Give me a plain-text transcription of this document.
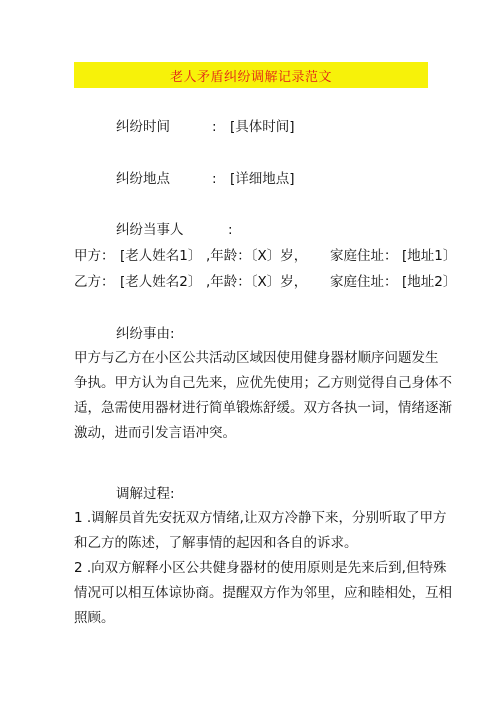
老人矛盾纠纷调解记录范文
纠纷时间	: [具体时间]
纠纷地点	: [详细地点]
纠纷当事人	:
甲方： [老人姓名1〕 ,年龄：〔X〕岁， 家庭住址： [地址1〕
乙方： [老人姓名2〕 ,年龄：〔X〕岁， 家庭住址： [地址2〕
纠纷事由:
甲方与乙方在小区公共活动区域因使用健身器材顺序问题发生
争执。甲方认为自己先来，应优先使用；乙方则觉得自己身体不
适，急需使用器材进行简单锻炼舒缓。双方各执一词，情绪逐渐
激动，进而引发言语冲突。
调解过程:
1 .调解员首先安抚双方情绪,让双方冷静下来，分别听取了甲方
和乙方的陈述，了解事情的起因和各自的诉求。
2 .向双方解释小区公共健身器材的使用原则是先来后到,但特殊
情况可以相互体谅协商。提醒双方作为邻里，应和睦相处，互相
照顾。
